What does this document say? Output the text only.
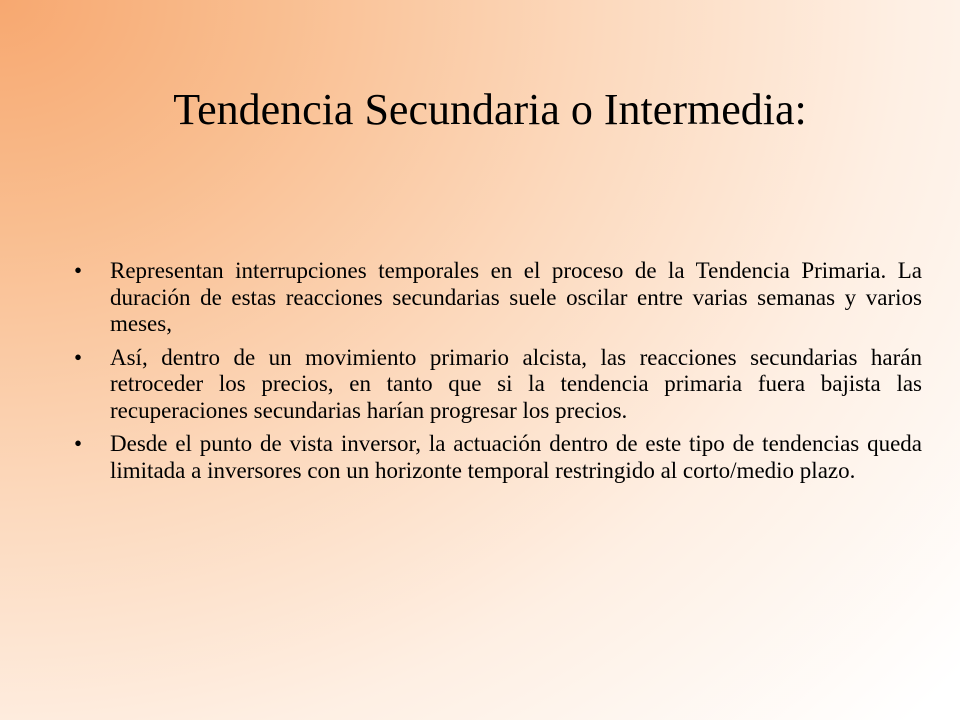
Tendencia Secundaria o Intermedia:
•	Representan interrupciones temporales en el proceso de la Tendencia Primaria. La duración de estas reacciones secundarias suele oscilar entre varias semanas y varios meses,
•	Así, dentro de un movimiento primario alcista, las reacciones secundarias harán retroceder los precios, en tanto que si la tendencia primaria fuera bajista las recuperaciones secundarias harían progresar los precios.
•	Desde el punto de vista inversor, la actuación dentro de este tipo de tendencias queda limitada a inversores con un horizonte temporal restringido al corto/medio plazo.
